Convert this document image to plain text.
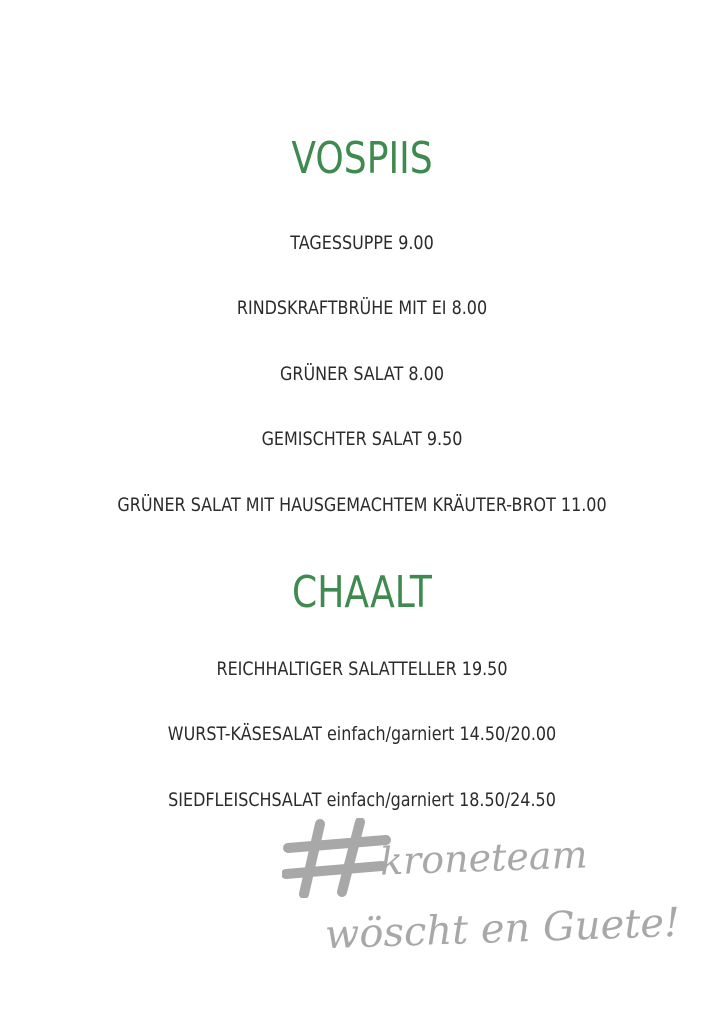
VOSPIIS
TAGESSUPPE 9.00
RINDSKRAFTBRÜHE MIT EI 8.00
GRÜNER SALAT 8.00
GEMISCHTER SALAT 9.50
GRÜNER SALAT MIT HAUSGEMACHTEM KRÄUTER-BROT 11.00
CHAALT
REICHHALTIGER SALATTELLER 19.50
WURST-KÄSESALAT einfach/garniert 14.50/20.00
SIEDFLEISCHSALAT einfach/garniert 18.50/24.50
kroneteam
wöscht en Guete!
